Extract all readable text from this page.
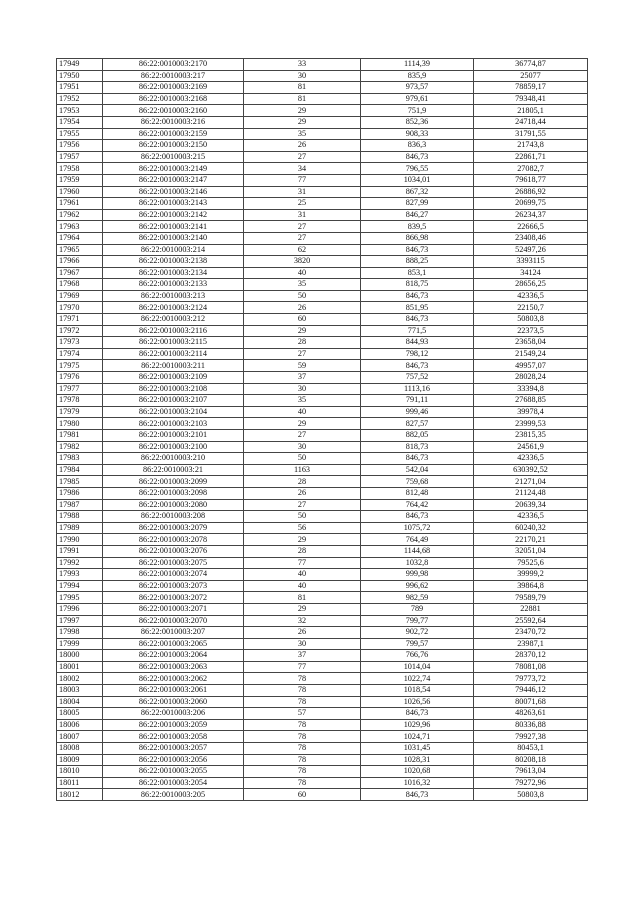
17949	86:22:0010003:2170	33	1114,39	36774,87
17950	86:22:0010003:217	30	835,9	25077
17951	86:22:0010003:2169	81	973,57	78859,17
17952	86:22:0010003:2168	81	979,61	79348,41
17953	86:22:0010003:2160	29	751,9	21805,1
17954	86:22:0010003:216	29	852,36	24718,44
17955	86:22:0010003:2159	35	908,33	31791,55
17956	86:22:0010003:2150	26	836,3	21743,8
17957	86:22:0010003:215	27	846,73	22861,71
17958	86:22:0010003:2149	34	796,55	27082,7
17959	86:22:0010003:2147	77	1034,01	79618,77
17960	86:22:0010003:2146	31	867,32	26886,92
17961	86:22:0010003:2143	25	827,99	20699,75
17962	86:22:0010003:2142	31	846,27	26234,37
17963	86:22:0010003:2141	27	839,5	22666,5
17964	86:22:0010003:2140	27	866,98	23408,46
17965	86:22:0010003:214	62	846,73	52497,26
17966	86:22:0010003:2138	3820	888,25	3393115
17967	86:22:0010003:2134	40	853,1	34124
17968	86:22:0010003:2133	35	818,75	28656,25
17969	86:22:0010003:213	50	846,73	42336,5
17970	86:22:0010003:2124	26	851,95	22150,7
17971	86:22:0010003:212	60	846,73	50803,8
17972	86:22:0010003:2116	29	771,5	22373,5
17973	86:22:0010003:2115	28	844,93	23658,04
17974	86:22:0010003:2114	27	798,12	21549,24
17975	86:22:0010003:211	59	846,73	49957,07
17976	86:22:0010003:2109	37	757,52	28028,24
17977	86:22:0010003:2108	30	1113,16	33394,8
17978	86:22:0010003:2107	35	791,11	27688,85
17979	86:22:0010003:2104	40	999,46	39978,4
17980	86:22:0010003:2103	29	827,57	23999,53
17981	86:22:0010003:2101	27	882,05	23815,35
17982	86:22:0010003:2100	30	818,73	24561,9
17983	86:22:0010003:210	50	846,73	42336,5
17984	86:22:0010003:21	1163	542,04	630392,52
17985	86:22:0010003:2099	28	759,68	21271,04
17986	86:22:0010003:2098	26	812,48	21124,48
17987	86:22:0010003:2080	27	764,42	20639,34
17988	86:22:0010003:208	50	846,73	42336,5
17989	86:22:0010003:2079	56	1075,72	60240,32
17990	86:22:0010003:2078	29	764,49	22170,21
17991	86:22:0010003:2076	28	1144,68	32051,04
17992	86:22:0010003:2075	77	1032,8	79525,6
17993	86:22:0010003:2074	40	999,98	39999,2
17994	86:22:0010003:2073	40	996,62	39864,8
17995	86:22:0010003:2072	81	982,59	79589,79
17996	86:22:0010003:2071	29	789	22881
17997	86:22:0010003:2070	32	799,77	25592,64
17998	86:22:0010003:207	26	902,72	23470,72
17999	86:22:0010003:2065	30	799,57	23987,1
18000	86:22:0010003:2064	37	766,76	28370,12
18001	86:22:0010003:2063	77	1014,04	78081,08
18002	86:22:0010003:2062	78	1022,74	79773,72
18003	86:22:0010003:2061	78	1018,54	79446,12
18004	86:22:0010003:2060	78	1026,56	80071,68
18005	86:22:0010003:206	57	846,73	48263,61
18006	86:22:0010003:2059	78	1029,96	80336,88
18007	86:22:0010003:2058	78	1024,71	79927,38
18008	86:22:0010003:2057	78	1031,45	80453,1
18009	86:22:0010003:2056	78	1028,31	80208,18
18010	86:22:0010003:2055	78	1020,68	79613,04
18011	86:22:0010003:2054	78	1016,32	79272,96
18012	86:22:0010003:205	60	846,73	50803,8
